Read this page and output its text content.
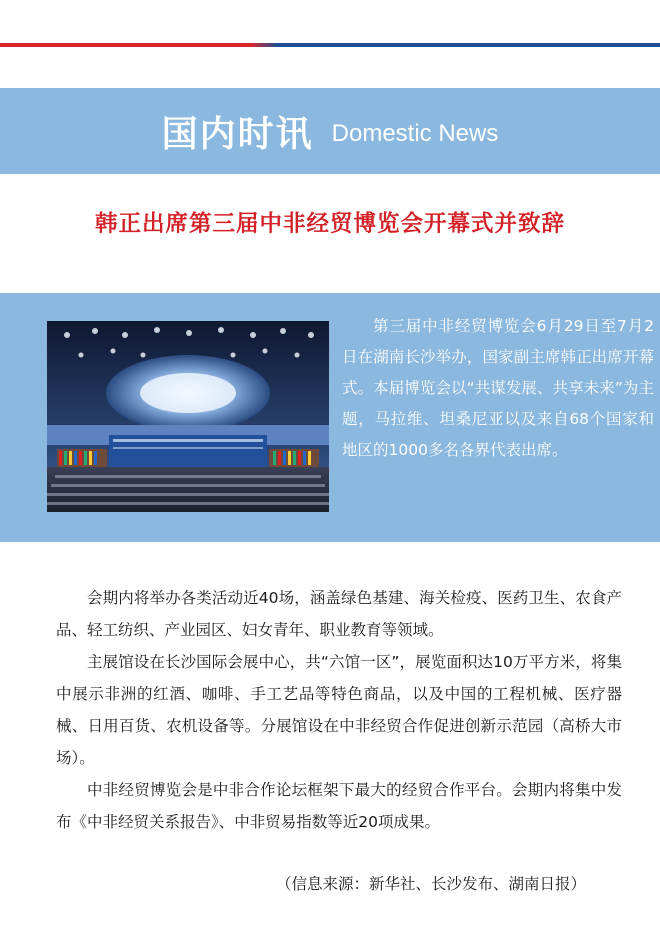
国内时讯 Domestic News
韩正出席第三届中非经贸博览会开幕式并致辞
第三届中非经贸博览会6月29日至7月2日在湖南长沙举办，国家副主席韩正出席开幕式。本届博览会以“共谋发展、共享未来”为主题，马拉维、坦桑尼亚以及来自68个国家和地区的1000多名各界代表出席。

会期内将举办各类活动近40场，涵盖绿色基建、海关检疫、医药卫生、农食产品、轻工纺织、产业园区、妇女青年、职业教育等领域。

主展馆设在长沙国际会展中心，共“六馆一区”，展览面积达10万平方米，将集中展示非洲的红酒、咖啡、手工艺品等特色商品，以及中国的工程机械、医疗器械、日用百货、农机设备等。分展馆设在中非经贸合作促进创新示范园（高桥大市场）。

中非经贸博览会是中非合作论坛框架下最大的经贸合作平台。会期内将集中发布《中非经贸关系报告》、中非贸易指数等近20项成果。

（信息来源：新华社、长沙发布、湖南日报）
